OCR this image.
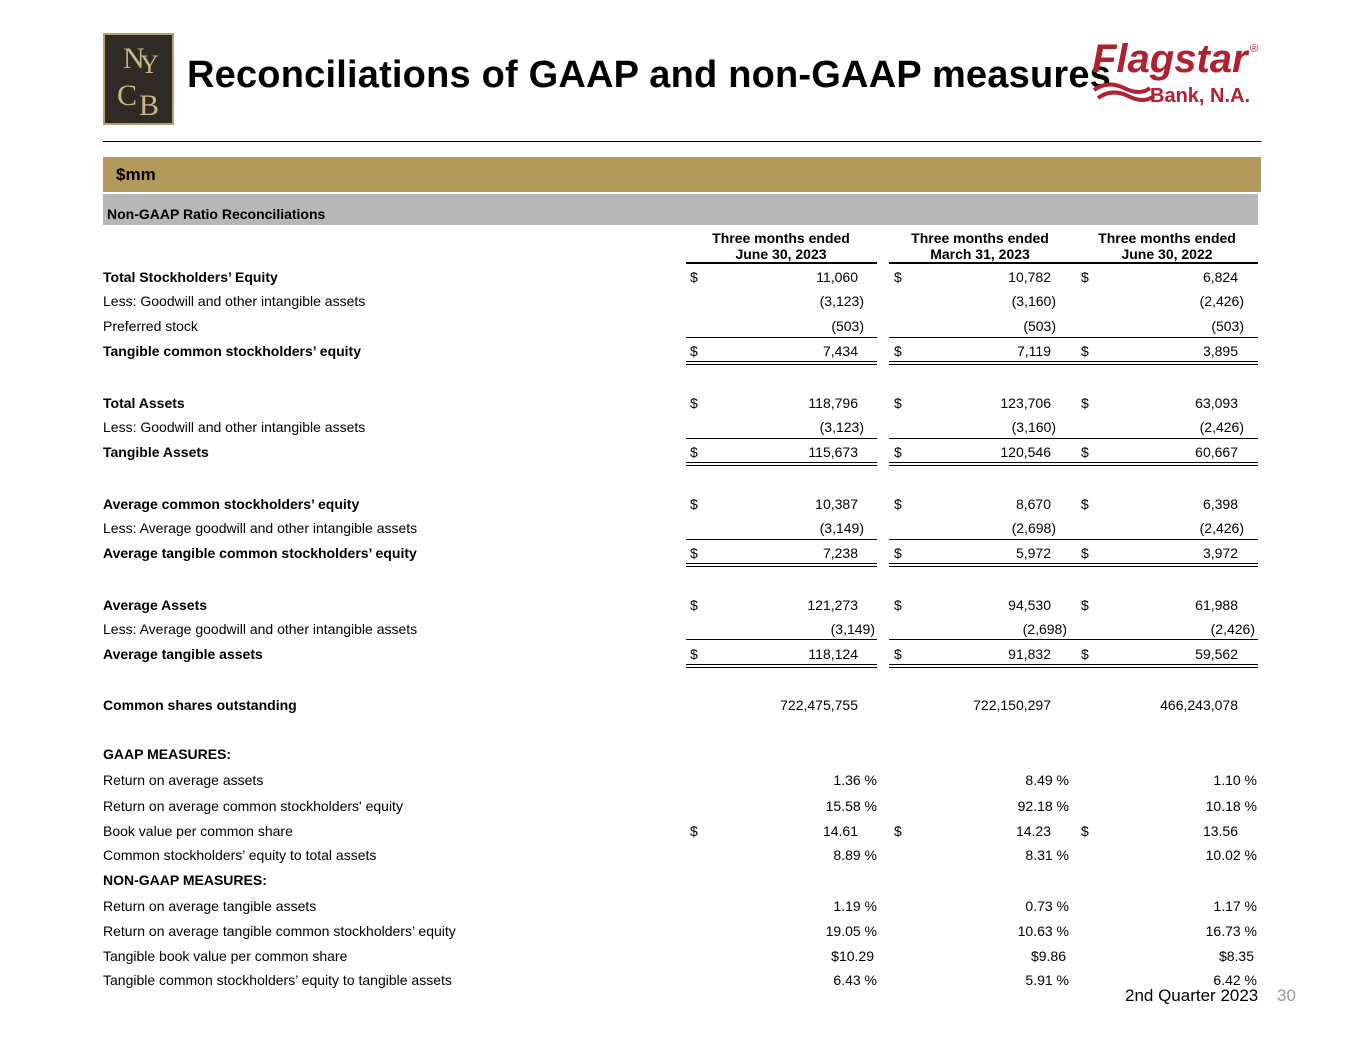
N
Y
C B
Reconciliations of GAAP and non-GAAP measures
Flagstar ®
Bank, N.A.
$mm
Non-GAAP Ratio Reconciliations
Three months ended
June 30, 2023
Three months ended
March 31, 2023
Three months ended
June 30, 2022
Total Stockholders’ Equity	$	11,060	$	10,782 $	6,824
Less: Goodwill and other intangible assets	(3,123)	(3,160)	(2,426)
Preferred stock	(503)	(503)	(503)
Tangible common stockholders’ equity	$	7,434	$	7,119 $	3,895
Total Assets	$	118,796	$	123,706 $	63,093
Less: Goodwill and other intangible assets	(3,123)	(3,160)	(2,426)
Tangible Assets	$	115,673	$	120,546 $	60,667
Average common stockholders’ equity	$	10,387	$	8,670 $	6,398
Less: Average goodwill and other intangible assets	(3,149)	(2,698)	(2,426)
Average tangible common stockholders’ equity	$	7,238	$	5,972 $	3,972
Average Assets	$	121,273	$	94,530 $	61,988
Less: Average goodwill and other intangible assets	(3,149)	(2,698)	(2,426)
Average tangible assets	$	118,124	$	91,832 $	59,562
Common shares outstanding	722,475,755	722,150,297	466,243,078
GAAP MEASURES:
Return on average assets	1.36 %	8.49 %	1.10 %
Return on average common stockholders' equity	15.58 %	92.18 %	10.18 %
Book value per common share	$	14.61	$	14.23 $	13.56
Common stockholders’ equity to total assets	8.89 %	8.31 %	10.02 %
NON-GAAP MEASURES:
Return on average tangible assets	1.19 %	0.73 %	1.17 %
Return on average tangible common stockholders’ equity	19.05 %	10.63 %	16.73 %
Tangible book value per common share	$10.29	$9.86	$8.35
Tangible common stockholders’ equity to tangible assets	6.43 %	5.91 %	6.42 %
2nd Quarter 2023 30
